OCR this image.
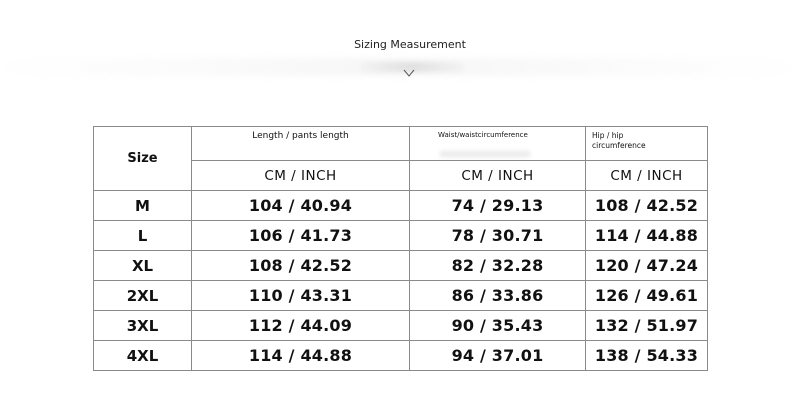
Sizing Measurement
Size	Length / pants length	Waist/waistcircumference	Hip / hip
circumference
	CM / INCH	CM / INCH	CM / INCH
M	104 / 40.94	74 / 29.13	108 / 42.52
L	106 / 41.73	78 / 30.71	114 / 44.88
XL	108 / 42.52	82 / 32.28	120 / 47.24
2XL	110 / 43.31	86 / 33.86	126 / 49.61
3XL	112 / 44.09	90 / 35.43	132 / 51.97
4XL	114 / 44.88	94 / 37.01	138 / 54.33
